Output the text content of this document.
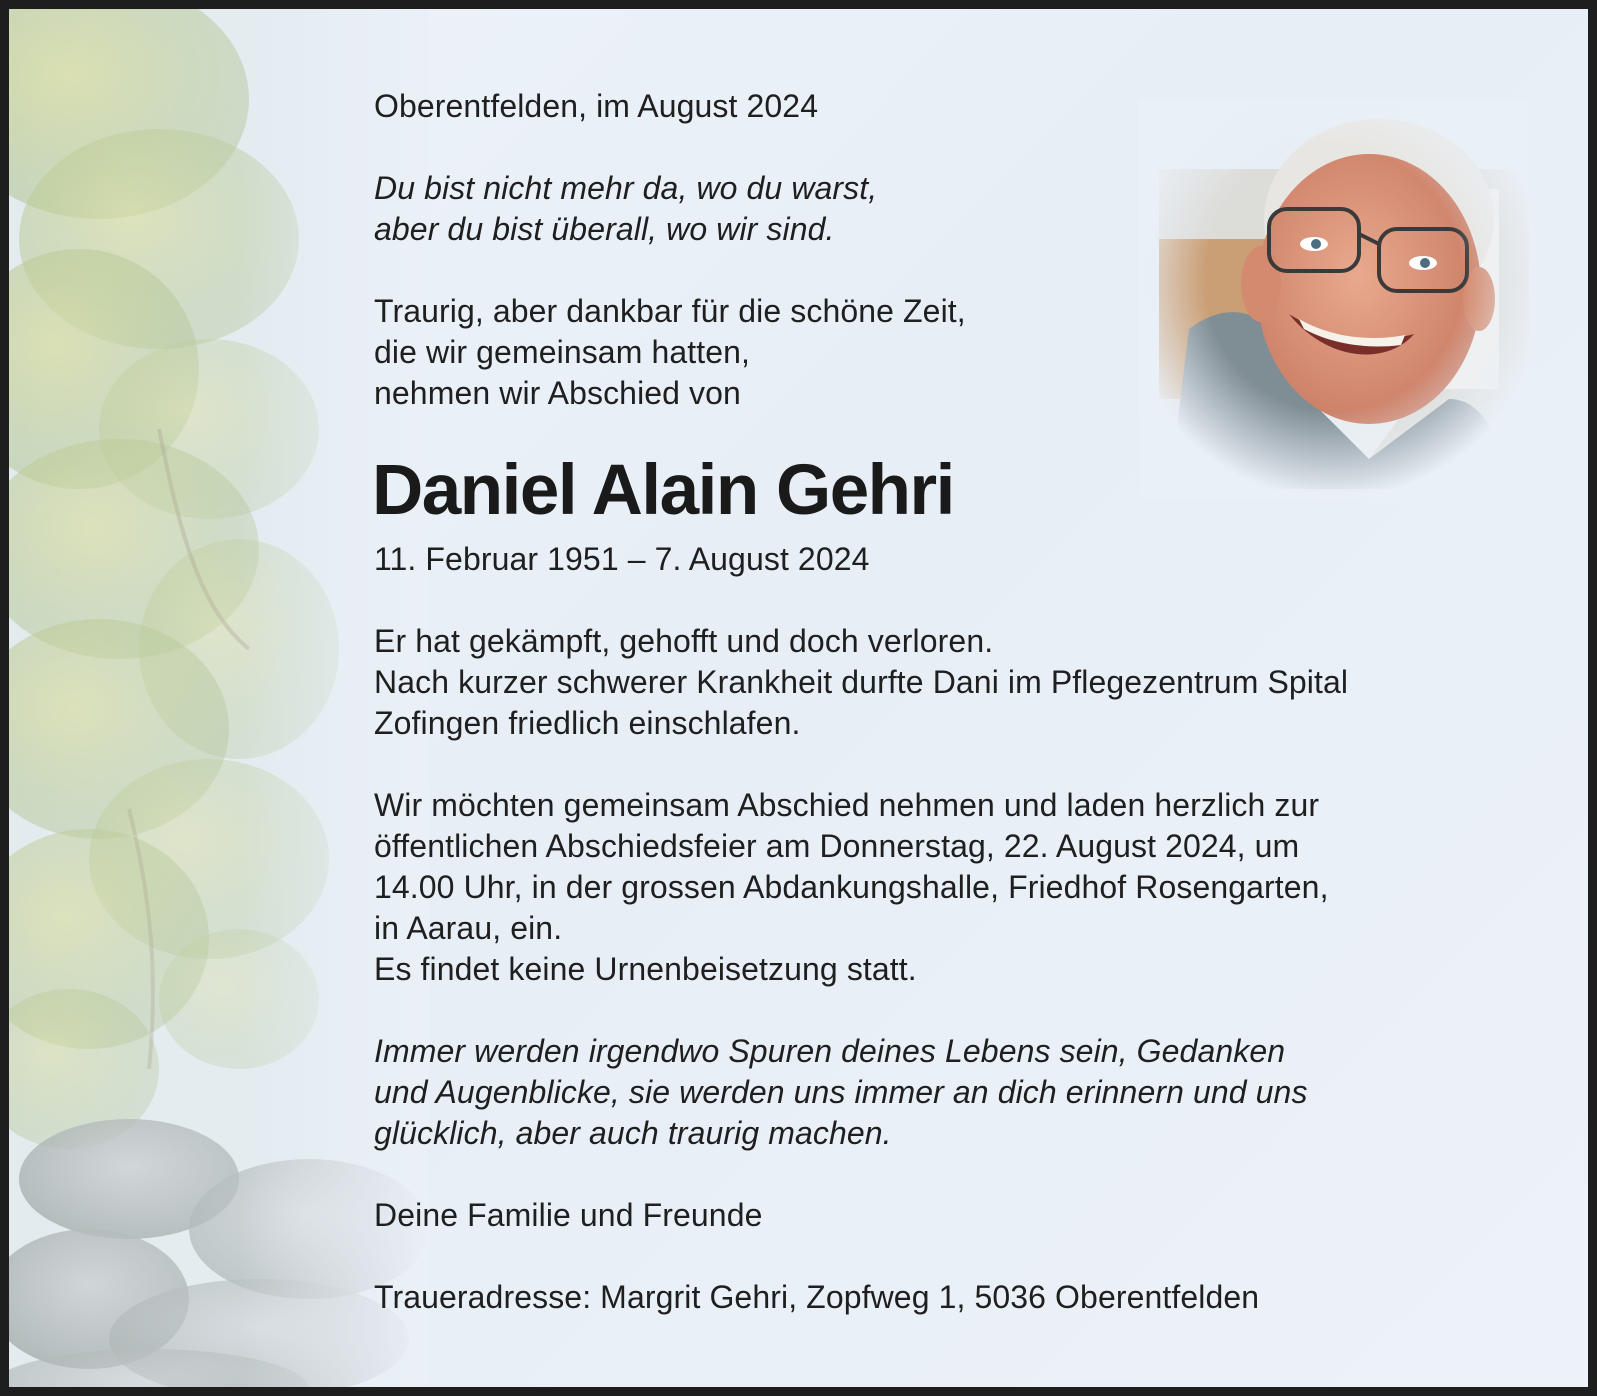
Oberentfelden, im August 2024

Du bist nicht mehr da, wo du warst,

aber du bist überall, wo wir sind.

Traurig, aber dankbar für die schöne Zeit,

die wir gemeinsam hatten,

nehmen wir Abschied von

Daniel Alain Gehri

11. Februar 1951 – 7. August 2024

Er hat gekämpft, gehofft und doch verloren.

Nach kurzer schwerer Krankheit durfte Dani im Pflegezentrum Spital

Zofingen friedlich einschlafen.

Wir möchten gemeinsam Abschied nehmen und laden herzlich zur

öffentlichen Abschiedsfeier am Donnerstag, 22. August 2024, um

14.00 Uhr, in der grossen Abdankungshalle, Friedhof Rosengarten,

in Aarau, ein.

Es findet keine Urnenbeisetzung statt.

Immer werden irgendwo Spuren deines Lebens sein, Gedanken

und Augenblicke, sie werden uns immer an dich erinnern und uns

glücklich, aber auch traurig machen.

Deine Familie und Freunde

Traueradresse: Margrit Gehri, Zopfweg 1, 5036 Oberentfelden
